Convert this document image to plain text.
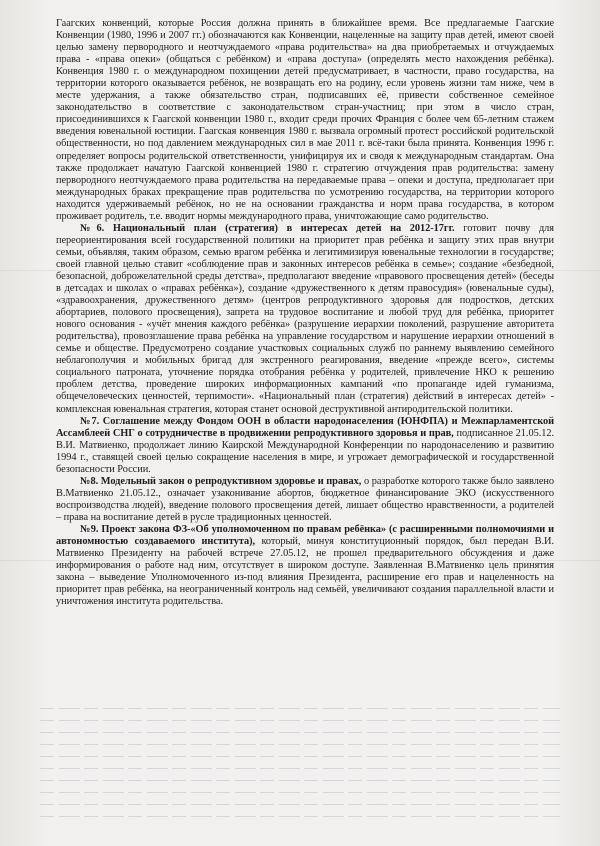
Гаагских конвенций, которые Россия должна принять в ближайшее время. Все предлагаемые Гаагские Конвенции (1980, 1996 и 2007 гг.) обозначаются как Конвенции, нацеленные на защиту прав детей, имеют своей целью замену первородного и неотчуждаемого «права родительства» на два приобретаемых и отчуждаемых права - «права опеки» (общаться с ребёнком) и «права доступа» (определять место нахождения ребёнка). Конвенция 1980 г. о международном похищении детей предусматривает, в частности, право государства, на территории которого оказывается ребёнок, не возвращать его на родину, если уровень жизни там ниже, чем в месте удержания, а также обязательство стран, подписавших её, привести собственное семейное законодательство в соответствие с законодательством стран-участниц; при этом в число стран, присоединившихся к Гаагской конвенции 1980 г., входит среди прочих Франция с более чем 65-летним стажем введения ювенальной юстиции. Гаагская конвенция 1980 г. вызвала огромный протест российской родительской общественности, но под давлением международных сил в мае 2011 г. всё-таки была принята. Конвенция 1996 г. определяет вопросы родительской ответственности, унифицируя их и сводя к международным стандартам. Она также продолжает начатую Гаагской конвенцией 1980 г. стратегию отчуждения прав родительства: замену первородного неотчуждаемого права родительства на передаваемые права – опеки и доступа, предполагает при международных браках прекращение прав родительства по усмотрению государства, на территории которого находится удерживаемый ребёнок, но не на основании гражданства и норм права государства, в котором проживает родитель, т.е. вводит нормы международного права, уничтожающие само родительство.

№6. Национальный план (стратегия) в интересах детей на 2012-17гг. готовит почву для переориентирования всей государственной политики на приоритет прав ребёнка и защиту этих прав внутри семьи, объявляя, таким образом, семью врагом ребёнка и легитимизируя ювенальные технологии в государстве; своей главной целью ставит «соблюдение прав и законных интересов ребёнка в семье»; создание «безбедной, безопасной, доброжелательной среды детства», предполагают введение «правового просвещения детей» (беседы в детсадах и школах о «правах ребёнка»), создание «дружественного к детям правосудия» (ювенальные суды), «здравоохранения, дружественного детям» (центров репродуктивного здоровья для подростков, детских абортариев, полового просвещения), запрета на трудовое воспитание и любой труд для ребёнка, приоритет нового основания - «учёт мнения каждого ребёнка» (разрушение иерархии поколений, разрушение авторитета родительства), провозглашение права ребёнка на управление государством и нарушение иерархии отношений в семье и обществе. Предусмотрено создание участковых социальных служб по раннему выявлению семейного неблагополучия и мобильных бригад для экстренного реагирования, введение «прежде всего», системы социального патроната, уточнение порядка отобрания ребёнка у родителей, привлечение НКО к решению проблем детства, проведение широких информационных кампаний «по пропаганде идей гуманизма, общечеловеческих ценностей, терпимости». «Национальный план (стратегия) действий в интересах детей» - комплексная ювенальная стратегия, которая станет основой деструктивной антиродительской политики.

№7. Соглашение между Фондом ООН в области народонаселения (ЮНФПА) и Межпарламентской Ассамблеей СНГ о сотрудничестве в продвижении репродуктивного здоровья и прав, подписанное 21.05.12. В.И. Матвиенко, продолжает линию Каирской Международной Конференции по народонаселению и развитию 1994 г., ставящей своей целью сокращение населения в мире, и угрожает демографической и государственной безопасности России.

№8. Модельный закон о репродуктивном здоровье и правах, о разработке которого также было заявлено В.Матвиенко 21.05.12., означает узаконивание абортов, бюджетное финансирование ЭКО (искусственного воспроизводства людей), введение полового просвещения детей, лишает общество нравственности, а родителей – права на воспитание детей в русле традиционных ценностей.

№9. Проект закона ФЗ-«Об уполномоченном по правам ребёнка» (с расширенными полномочиями и автономностью создаваемого института), который, минуя конституционный порядок, был передан В.И. Матвиенко Президенту на рабочей встрече 27.05.12, не прошел предварительного обсуждения и даже информирования о работе над ним, отсутствует в широком доступе. Заявленная В.Матвиенко цель принятия закона – выведение Уполномоченного из-под влияния Президента, расширение его прав и нацеленность на приоритет прав ребёнка, на неограниченный контроль над семьёй, увеличивают создания параллельной власти и уничтожения института родительства.
